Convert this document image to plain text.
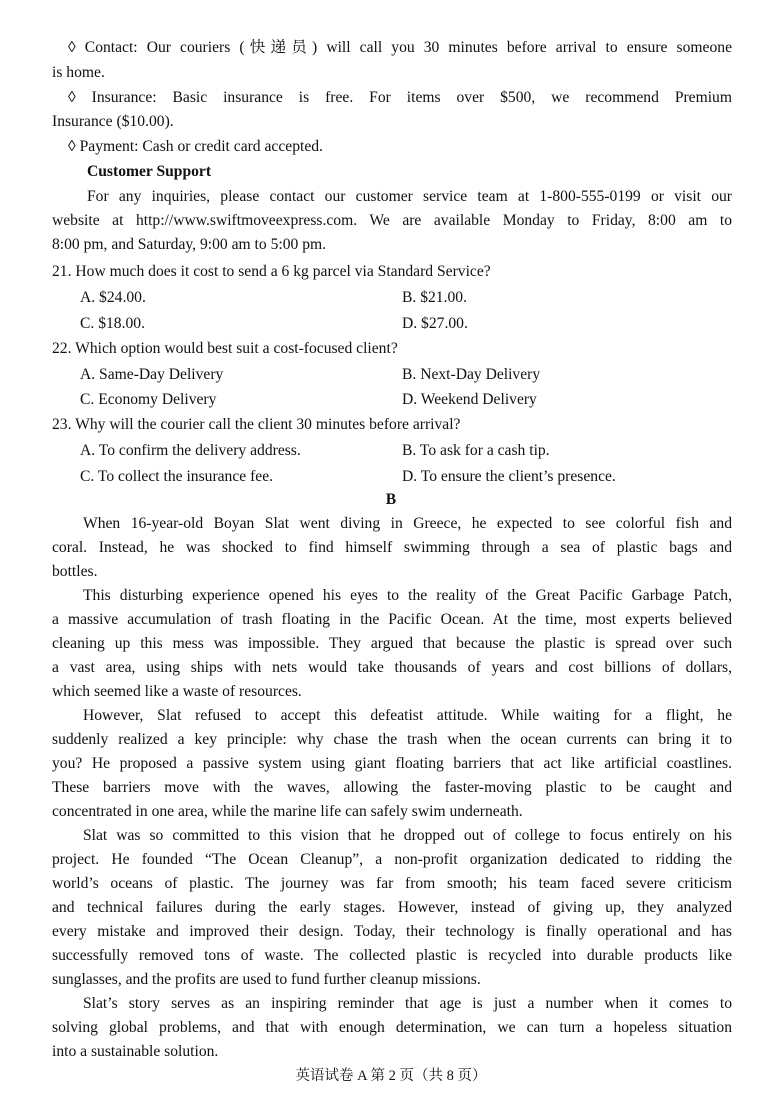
◊ Contact: Our couriers (快递员) will call you 30 minutes before arrival to ensure someone
is home.
◊ Insurance: Basic insurance is free. For items over $500, we recommend Premium
Insurance ($10.00).
◊ Payment: Cash or credit card accepted.
Customer Support
For any inquiries, please contact our customer service team at 1-800-555-0199 or visit our
website at http://www.swiftmoveexpress.com. We are available Monday to Friday, 8:00 am to
8:00 pm, and Saturday, 9:00 am to 5:00 pm.
21. How much does it cost to send a 6 kg parcel via Standard Service?
A. $24.00.	B. $21.00.
C. $18.00.	D. $27.00.
22. Which option would best suit a cost-focused client?
A. Same-Day Delivery	B. Next-Day Delivery
C. Economy Delivery	D. Weekend Delivery
23. Why will the courier call the client 30 minutes before arrival?
A. To confirm the delivery address.	B. To ask for a cash tip.
C. To collect the insurance fee.	D. To ensure the client’s presence.
B
When 16-year-old Boyan Slat went diving in Greece, he expected to see colorful fish and
coral. Instead, he was shocked to find himself swimming through a sea of plastic bags and
bottles.
This disturbing experience opened his eyes to the reality of the Great Pacific Garbage Patch,
a massive accumulation of trash floating in the Pacific Ocean. At the time, most experts believed
cleaning up this mess was impossible. They argued that because the plastic is spread over such
a vast area, using ships with nets would take thousands of years and cost billions of dollars,
which seemed like a waste of resources.
However, Slat refused to accept this defeatist attitude. While waiting for a flight, he
suddenly realized a key principle: why chase the trash when the ocean currents can bring it to
you? He proposed a passive system using giant floating barriers that act like artificial coastlines.
These barriers move with the waves, allowing the faster-moving plastic to be caught and
concentrated in one area, while the marine life can safely swim underneath.
Slat was so committed to this vision that he dropped out of college to focus entirely on his
project. He founded “The Ocean Cleanup”, a non-profit organization dedicated to ridding the
world’s oceans of plastic. The journey was far from smooth; his team faced severe criticism
and technical failures during the early stages. However, instead of giving up, they analyzed
every mistake and improved their design. Today, their technology is finally operational and has
successfully removed tons of waste. The collected plastic is recycled into durable products like
sunglasses, and the profits are used to fund further cleanup missions.
Slat’s story serves as an inspiring reminder that age is just a number when it comes to
solving global problems, and that with enough determination, we can turn a hopeless situation
into a sustainable solution.
英语试卷 A 第 2 页（共 8 页）
